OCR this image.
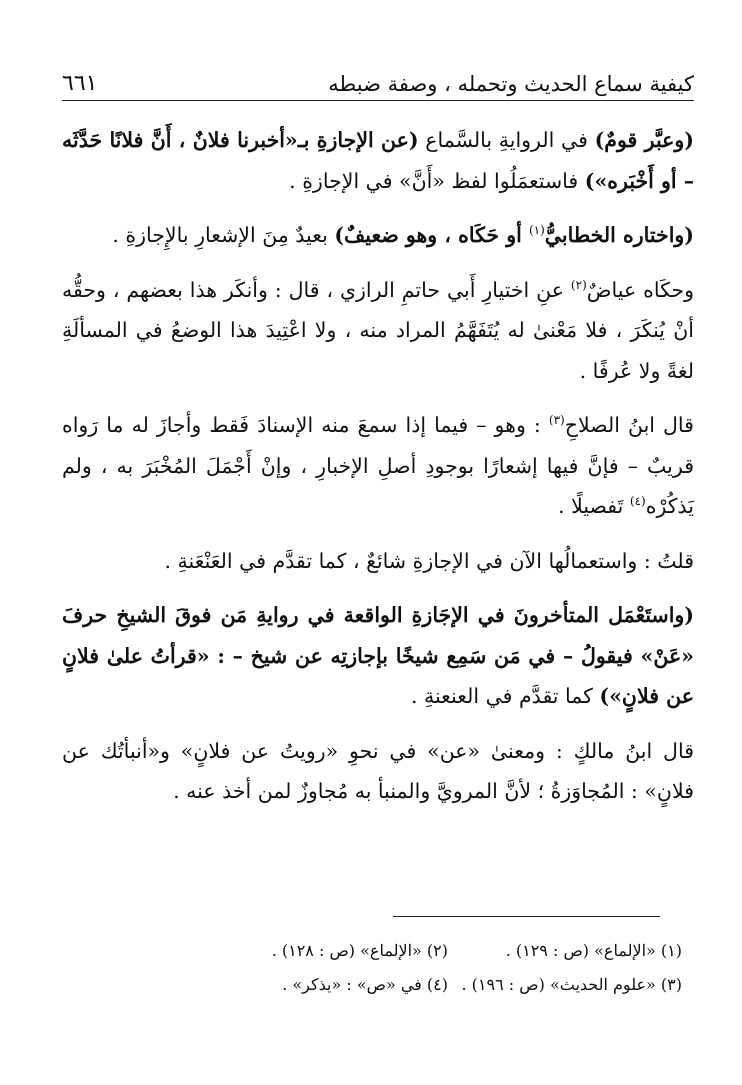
كيفية سماع الحديث وتحمله ، وصفة ضبطه
٦٦١

(وعبَّر قومٌ) في الروايةِ بالسَّماع (عن الإجازةِ بـ«أخبرنا فلانٌ ، أَنَّ فلانًا حَدَّثَه – أو أَخْبَره») فاستعمَلُوا لفظ «أَنَّ» في الإجازةِ .

(واختاره الخطابيُّ$^{(١)}$ أو حَكَاه ، وهو ضعيفٌ) بعيدٌ مِنَ الإشعارِ بالإِجازةِ .

وحكَاه عياضٌ$^{(٢)}$ عنِ اختيارِ أَبي حاتمِ الرازي ، قال : وأنكَر هذا بعضهم ، وحقُّه أنْ يُنكَرَ ، فلا مَعْنىٰ له يُتَفَهَّمُ المراد منه ، ولا اعْتِيدَ هذا الوضعُ في المسألَةِ لغةً ولا عُرفًا .

قال ابنُ الصلاحِ$^{(٣)}$ : وهو – فيما إذا سمعَ منه الإسنادَ فَقط وأجازَ له ما رَواه قريبٌ – فإنَّ فيها إشعارًا بوجودِ أصلِ الإخبارِ ، وإنْ أَجْمَلَ المُخْبَرَ به ، ولم يَذكُرْه$^{(٤)}$ تَفصيلًا .

قلتُ : واستعمالُها الآن في الإجازةِ شائعٌ ، كما تقدَّم في العَنْعَنةِ .

(واستَعْمَل المتأخرونَ في الإجَازةِ الواقعة في روايةِ مَن فوقَ الشيخِ حرفَ «عَنْ» فيقولُ – في مَن سَمِع شيخًا بإجازتِه عن شيخ – : «قرأتُ علىٰ فلانٍ عن فلانٍ») كما تقدَّم في العنعنةِ .

قال ابنُ مالكٍ : ومعنىٰ «عن» في نحوِ «رويتُ عن فلانٍ» و«أنبأتُك عن فلانٍ» : المُجاوَزةُ ؛ لأنَّ المرويَّ والمنبأ به مُجاوزٌ لمن أخذ عنه .

(١) «الإلماع» (ص : ١٢٩) .
(٢) «الإلماع» (ص : ١٢٨) .
(٣) «علوم الحديث» (ص : ١٩٦) .
(٤) في «ص» : «يذكر» .
